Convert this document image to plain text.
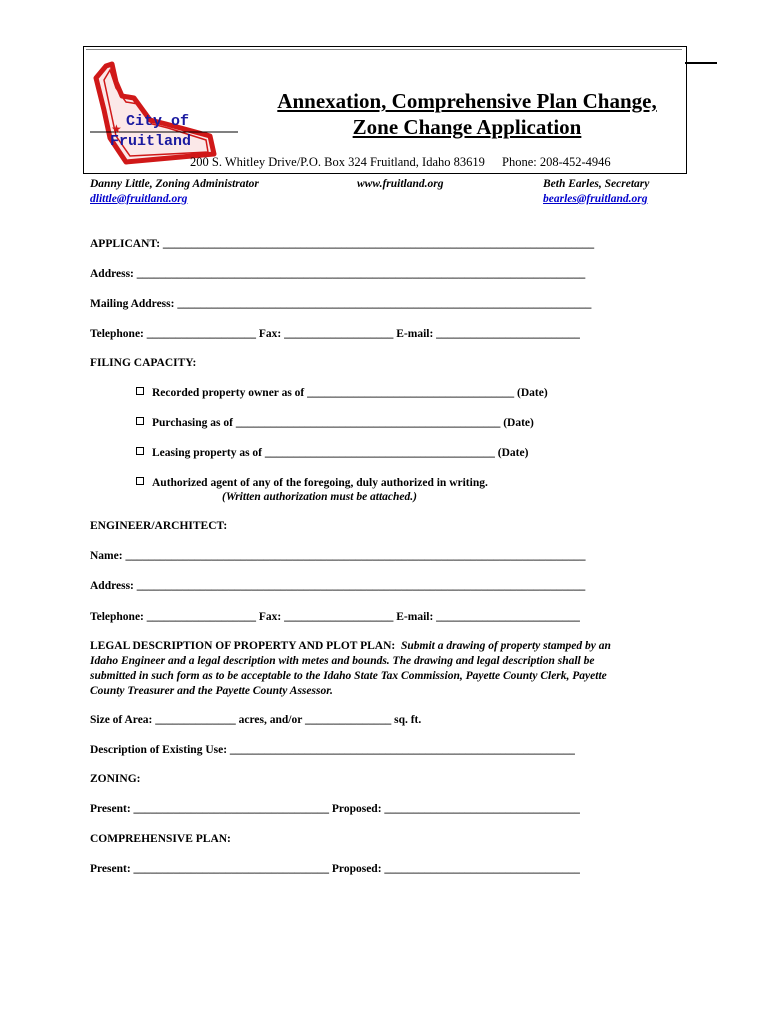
City of
Fruitland
★
Annexation, Comprehensive Plan Change,
Zone Change Application
200 S. Whitley Drive/P.O. Box 324 Fruitland, Idaho 83619 Phone: 208-452-4946
Danny Little, Zoning Administrator
dlittle@fruitland.org
www.fruitland.org	Beth Earles, Secretary
bearles@fruitland.org
APPLICANT: ___________________________________________________________________________
Address: ______________________________________________________________________________
Mailing Address: ________________________________________________________________________
Telephone: ___________________ Fax: ___________________ E-mail: _________________________
FILING CAPACITY:
Recorded property owner as of ____________________________________ (Date)
Purchasing as of ______________________________________________ (Date)
Leasing property as of ________________________________________ (Date)
Authorized agent of any of the foregoing, duly authorized in writing.
(Written authorization must be attached.)
ENGINEER/ARCHITECT:
Name: ________________________________________________________________________________
Address: ______________________________________________________________________________
Telephone: ___________________ Fax: ___________________ E-mail: _________________________
LEGAL DESCRIPTION OF PROPERTY AND PLOT PLAN: Submit a drawing of property stamped by an
Idaho Engineer and a legal description with metes and bounds. The drawing and legal description shall be
submitted in such form as to be acceptable to the Idaho State Tax Commission, Payette County Clerk, Payette
County Treasurer and the Payette County Assessor.
Size of Area: ______________ acres, and/or _______________ sq. ft.
Description of Existing Use: ____________________________________________________________
ZONING:
Present: __________________________________ Proposed: __________________________________
COMPREHENSIVE PLAN:
Present: __________________________________ Proposed: __________________________________
